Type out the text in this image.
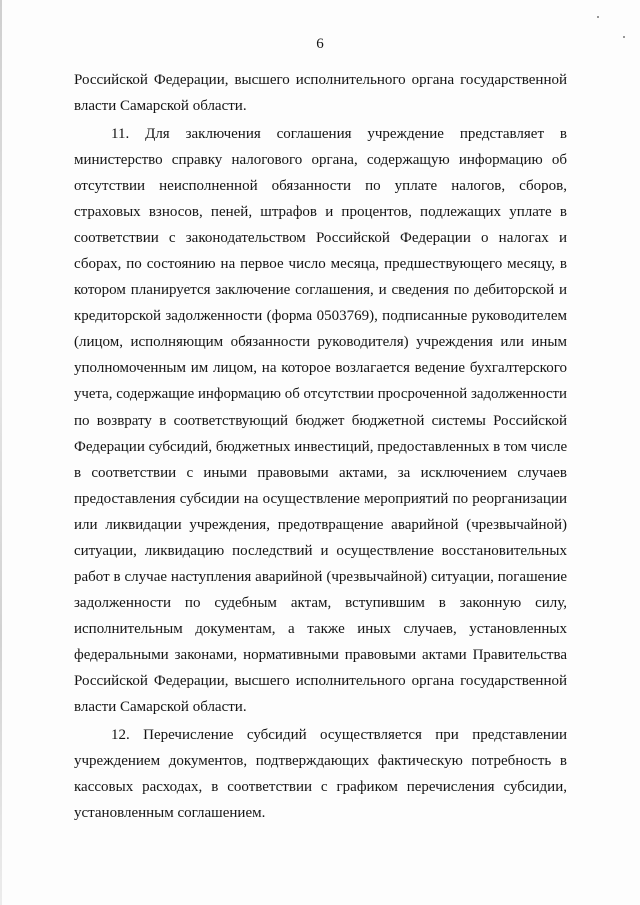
6

Российской Федерации, высшего исполнительного органа государственной
власти Самарской области.

11. Для заключения соглашения учреждение представляет в
министерство справку налогового органа, содержащую информацию об
отсутствии неисполненной обязанности по уплате налогов, сборов,
страховых взносов, пеней, штрафов и процентов, подлежащих уплате в
соответствии с законодательством Российской Федерации о налогах и
сборах, по состоянию на первое число месяца, предшествующего месяцу, в
котором планируется заключение соглашения, и сведения по дебиторской и
кредиторской задолженности (форма 0503769), подписанные руководителем
(лицом, исполняющим обязанности руководителя) учреждения или иным
уполномоченным им лицом, на которое возлагается ведение бухгалтерского
учета, содержащие информацию об отсутствии просроченной задолженности
по возврату в соответствующий бюджет бюджетной системы Российской
Федерации субсидий, бюджетных инвестиций, предоставленных в том числе
в соответствии с иными правовыми актами, за исключением случаев
предоставления субсидии на осуществление мероприятий по реорганизации
или ликвидации учреждения, предотвращение аварийной (чрезвычайной)
ситуации, ликвидацию последствий и осуществление восстановительных
работ в случае наступления аварийной (чрезвычайной) ситуации, погашение
задолженности по судебным актам, вступившим в законную силу,
исполнительным документам, а также иных случаев, установленных
федеральными законами, нормативными правовыми актами Правительства
Российской Федерации, высшего исполнительного органа государственной
власти Самарской области.

12. Перечисление субсидий осуществляется при представлении
учреждением документов, подтверждающих фактическую потребность в
кассовых расходах, в соответствии с графиком перечисления субсидии,
установленным соглашением.
